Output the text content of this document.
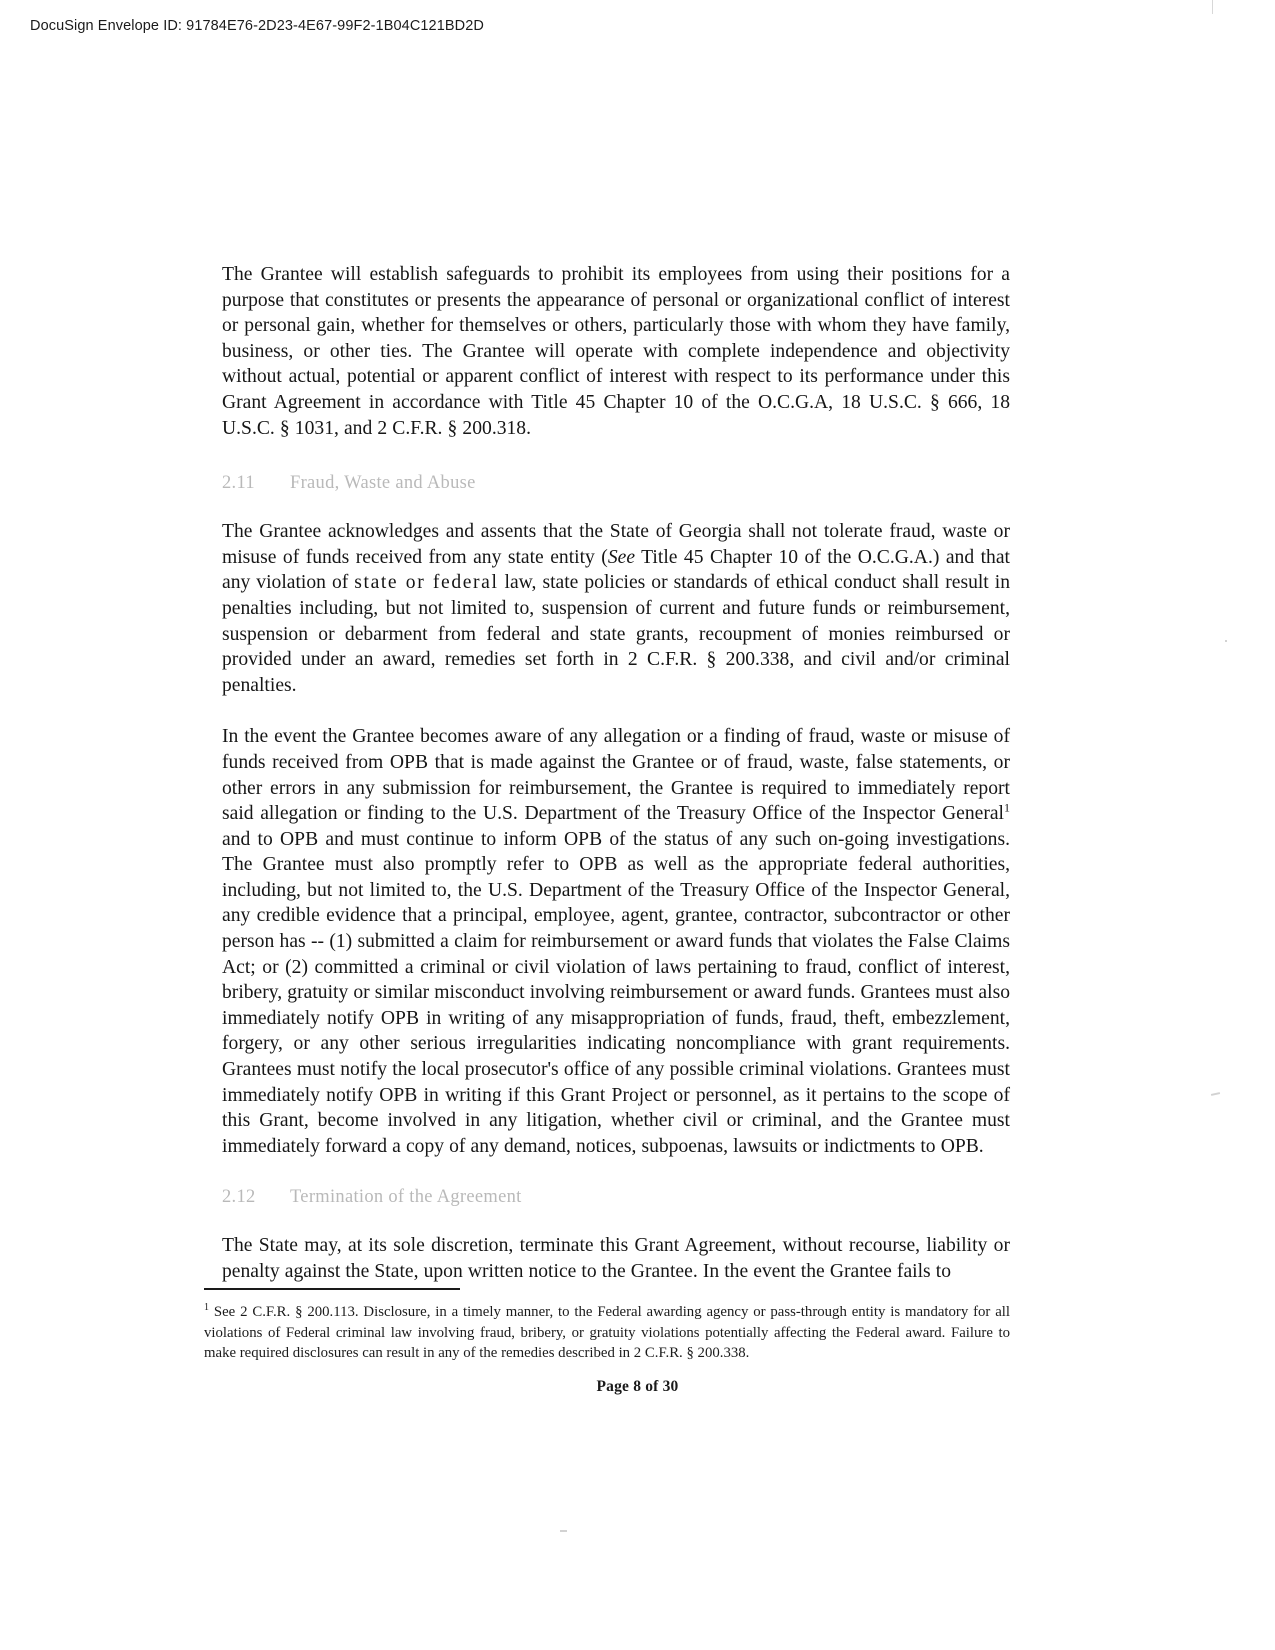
DocuSign Envelope ID: 91784E76-2D23-4E67-99F2-1B04C121BD2D

The Grantee will establish safeguards to prohibit its employees from using their positions for a purpose that constitutes or presents the appearance of personal or organizational conflict of interest or personal gain, whether for themselves or others, particularly those with whom they have family, business, or other ties. The Grantee will operate with complete independence and objectivity without actual, potential or apparent conflict of interest with respect to its performance under this Grant Agreement in accordance with Title 45 Chapter 10 of the O.C.G.A, 18 U.S.C. § 666, 18 U.S.C. § 1031, and 2 C.F.R. § 200.318.

2.11 Fraud, Waste and Abuse

The Grantee acknowledges and assents that the State of Georgia shall not tolerate fraud, waste or misuse of funds received from any state entity (See Title 45 Chapter 10 of the O.C.G.A.) and that any violation of state or federal law, state policies or standards of ethical conduct shall result in penalties including, but not limited to, suspension of current and future funds or reimbursement, suspension or debarment from federal and state grants, recoupment of monies reimbursed or provided under an award, remedies set forth in 2 C.F.R. § 200.338, and civil and/or criminal penalties.

In the event the Grantee becomes aware of any allegation or a finding of fraud, waste or misuse of funds received from OPB that is made against the Grantee or of fraud, waste, false statements, or other errors in any submission for reimbursement, the Grantee is required to immediately report said allegation or finding to the U.S. Department of the Treasury Office of the Inspector General$^1$ and to OPB and must continue to inform OPB of the status of any such on-going investigations. The Grantee must also promptly refer to OPB as well as the appropriate federal authorities, including, but not limited to, the U.S. Department of the Treasury Office of the Inspector General, any credible evidence that a principal, employee, agent, grantee, contractor, subcontractor or other person has -- (1) submitted a claim for reimbursement or award funds that violates the False Claims Act; or (2) committed a criminal or civil violation of laws pertaining to fraud, conflict of interest, bribery, gratuity or similar misconduct involving reimbursement or award funds. Grantees must also immediately notify OPB in writing of any misappropriation of funds, fraud, theft, embezzlement, forgery, or any other serious irregularities indicating noncompliance with grant requirements. Grantees must notify the local prosecutor's office of any possible criminal violations. Grantees must immediately notify OPB in writing if this Grant Project or personnel, as it pertains to the scope of this Grant, become involved in any litigation, whether civil or criminal, and the Grantee must immediately forward a copy of any demand, notices, subpoenas, lawsuits or indictments to OPB.

2.12 Termination of the Agreement

The State may, at its sole discretion, terminate this Grant Agreement, without recourse, liability or penalty against the State, upon written notice to the Grantee. In the event the Grantee fails to

$^1$ See 2 C.F.R. § 200.113. Disclosure, in a timely manner, to the Federal awarding agency or pass-through entity is mandatory for all violations of Federal criminal law involving fraud, bribery, or gratuity violations potentially affecting the Federal award. Failure to make required disclosures can result in any of the remedies described in 2 C.F.R. § 200.338.

Page 8 of 30
